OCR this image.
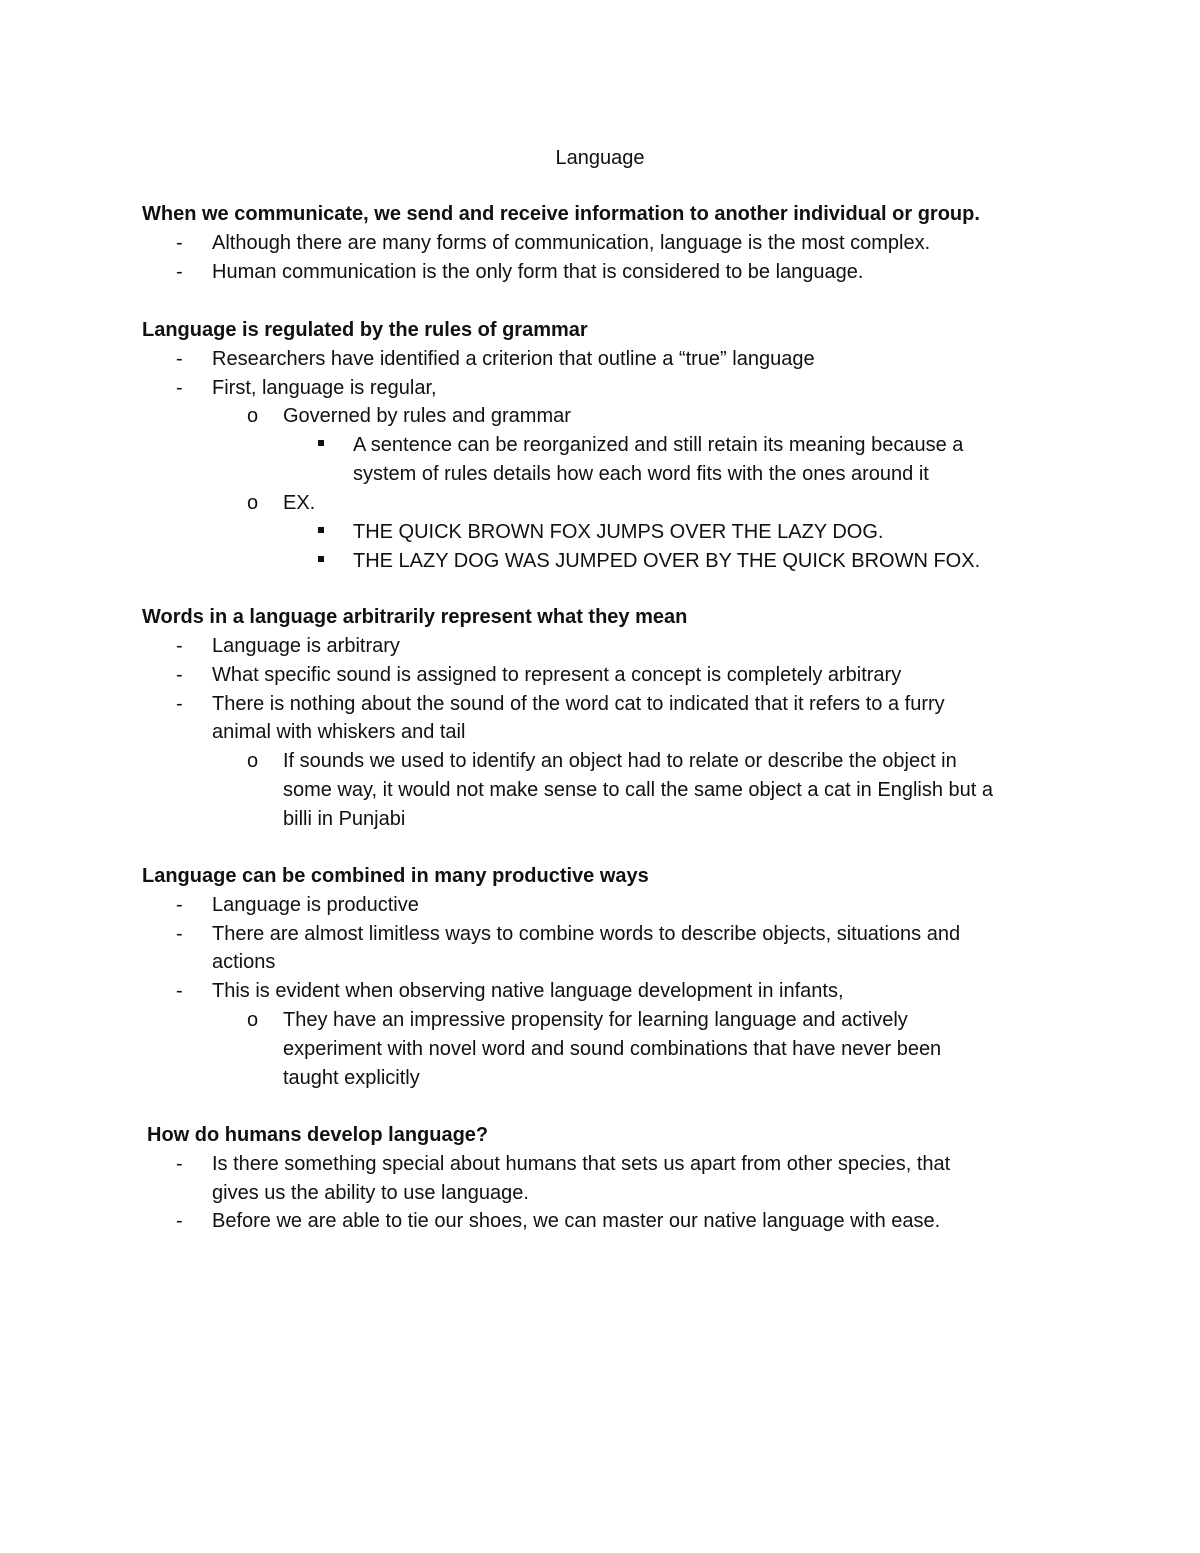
Language

When we communicate, we send and receive information to another individual or group.

- Although there are many forms of communication, language is the most complex.

- Human communication is the only form that is considered to be language.

Language is regulated by the rules of grammar

- Researchers have identified a criterion that outline a “true” language

- First, language is regular,

o Governed by rules and grammar

A sentence can be reorganized and still retain its meaning because a

system of rules details how each word fits with the ones around it

o EX.

THE QUICK BROWN FOX JUMPS OVER THE LAZY DOG.

THE LAZY DOG WAS JUMPED OVER BY THE QUICK BROWN FOX.

Words in a language arbitrarily represent what they mean

- Language is arbitrary

- What specific sound is assigned to represent a concept is completely arbitrary

- There is nothing about the sound of the word cat to indicated that it refers to a furry

animal with whiskers and tail

o If sounds we used to identify an object had to relate or describe the object in

some way, it would not make sense to call the same object a cat in English but a

billi in Punjabi

Language can be combined in many productive ways

- Language is productive

- There are almost limitless ways to combine words to describe objects, situations and

actions

- This is evident when observing native language development in infants,

o They have an impressive propensity for learning language and actively

experiment with novel word and sound combinations that have never been

taught explicitly

How do humans develop language?

- Is there something special about humans that sets us apart from other species, that

gives us the ability to use language.

- Before we are able to tie our shoes, we can master our native language with ease.
